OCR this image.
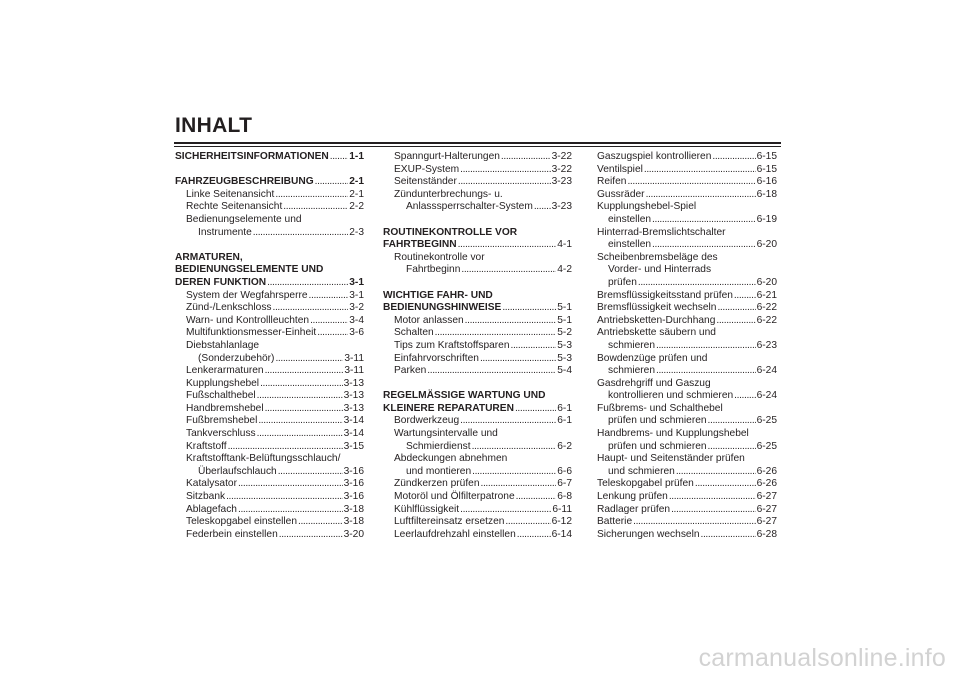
INHALT
SICHERHEITSINFORMATIONEN . . . 1-1
FAHRZEUGBESCHREIBUNG . . .	2-1
Linke Seitenansicht . . .	2-1
Rechte Seitenansicht . . .	2-2
Bedienungselemente und
Instrumente . . .	2-3
ARMATUREN,
BEDIENUNGSELEMENTE UND
DEREN FUNKTION . . .	3-1
System der Wegfahrsperre . . .	3-1
Zünd-/Lenkschloss . . .	3-2
Warn- und Kontrollleuchten . . .	3-4
Multifunktionsmesser-Einheit . . .	3-6
Diebstahlanlage
(Sonderzubehör) . . .	3-11
Lenkerarmaturen . . .	3-11
Kupplungshebel . . .	3-13
Fußschalthebel . . .	3-13
Handbremshebel . . .	3-13
Fußbremshebel . . .	3-14
Tankverschluss . . .	3-14
Kraftstoff . . .	3-15
Kraftstofftank-Belüftungsschlauch/
Überlaufschlauch . . .	3-16
Katalysator . . .	3-16
Sitzbank . . .	3-16
Ablagefach . . .	3-18
Teleskopgabel einstellen . . .	3-18
Federbein einstellen . . .	3-20
Spanngurt-Halterungen . . .	3-22
EXUP-System . . .	3-22
Seitenständer . . .	3-23
Zündunterbrechungs- u.
Anlasssperrschalter-System . . . 3-23
ROUTINEKONTROLLE VOR
FAHRTBEGINN . . .	4-1
Routinekontrolle vor
Fahrtbeginn . . .	4-2
WICHTIGE FAHR- UND
BEDIENUNGSHINWEISE . . .	5-1
Motor anlassen . . .	5-1
Schalten . . .	5-2
Tips zum Kraftstoffsparen . . .	5-3
Einfahrvorschriften . . .	5-3
Parken . . .	5-4
REGELMÄSSIGE WARTUNG UND
KLEINERE REPARATUREN . . .	6-1
Bordwerkzeug . . .	6-1
Wartungsintervalle und
Schmierdienst . . .	6-2
Abdeckungen abnehmen
und montieren . . .	6-6
Zündkerzen prüfen . . .	6-7
Motoröl und Ölfilterpatrone . . .	6-8
Kühlflüssigkeit . . .	6-11
Luftfiltereinsatz ersetzen . . .	6-12
Leerlaufdrehzahl einstellen . . .	6-14
Gaszugspiel kontrollieren . . .	6-15
Ventilspiel . . .	6-15
Reifen . . .	6-16
Gussräder . . .	6-18
Kupplungshebel-Spiel
einstellen . . .	6-19
Hinterrad-Bremslichtschalter
einstellen . . .	6-20
Scheibenbremsbeläge des
Vorder- und Hinterrads
prüfen . . .	6-20
Bremsflüssigkeitsstand prüfen . . . 6-21
Bremsflüssigkeit wechseln . . .	6-22
Antriebsketten-Durchhang . . .	6-22
Antriebskette säubern und
schmieren . . .	6-23
Bowdenzüge prüfen und
schmieren . . .	6-24
Gasdrehgriff und Gaszug
kontrollieren und schmieren . . . 6-24
Fußbrems- und Schalthebel
prüfen und schmieren . . .	6-25
Handbrems- und Kupplungshebel
prüfen und schmieren . . .	6-25
Haupt- und Seitenständer prüfen
und schmieren . . .	6-26
Teleskopgabel prüfen . . .	6-26
Lenkung prüfen . . .	6-27
Radlager prüfen . . .	6-27
Batterie . . .	6-27
Sicherungen wechseln . . .	6-28
carmanualsonline.info
